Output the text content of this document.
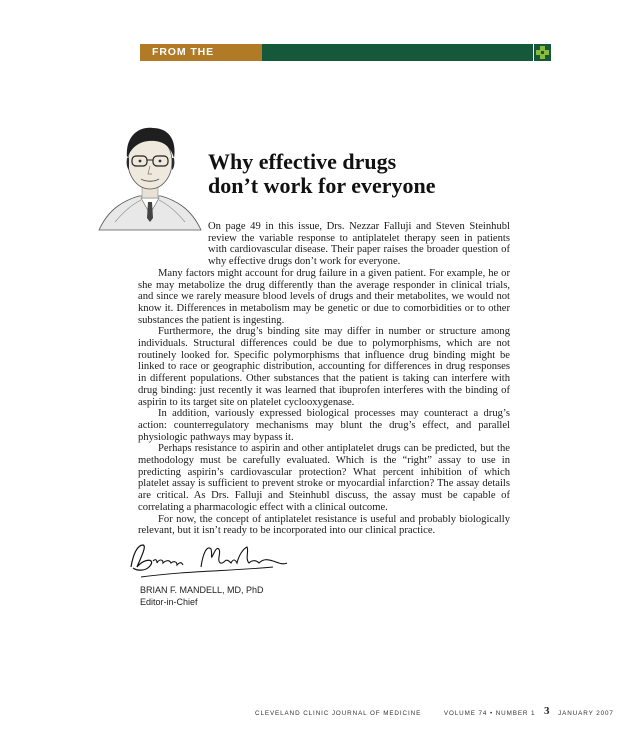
FROM THE EDITOR
Why effective drugs
don’t work for everyone

On page 49 in this issue, Drs. Nezzar Falluji and Steven Steinhubl review the variable response to antiplatelet therapy seen in patients with cardiovascular disease. Their paper raises the broader question of why effective drugs don’t work for everyone.

Many factors might account for drug failure in a given patient. For example, he or she may metabolize the drug differently than the average responder in clinical trials, and since we rarely measure blood levels of drugs and their metabolites, we would not know it. Differences in metabolism may be genetic or due to comorbidities or to other substances the patient is ingesting.

Furthermore, the drug’s binding site may differ in number or structure among individuals. Structural differences could be due to polymorphisms, which are not routinely looked for. Specific polymorphisms that influence drug binding might be linked to race or geographic distribution, accounting for differences in drug responses in different populations. Other substances that the patient is taking can interfere with drug binding: just recently it was learned that ibuprofen interferes with the binding of aspirin to its target site on platelet cyclooxygenase.

In addition, variously expressed biological processes may counteract a drug’s action: counterregulatory mechanisms may blunt the drug’s effect, and parallel physiologic pathways may bypass it.

Perhaps resistance to aspirin and other antiplatelet drugs can be predicted, but the methodology must be carefully evaluated. Which is the “right” assay to use in predicting aspirin’s cardiovascular protection? What percent inhibition of which platelet assay is sufficient to prevent stroke or myocardial infarction? The assay details are critical. As Drs. Falluji and Steinhubl discuss, the assay must be capable of correlating a pharmacologic effect with a clinical outcome.

For now, the concept of antiplatelet resistance is useful and probably biologically relevant, but it isn’t ready to be incorporated into our clinical practice.

BRIAN F. MANDELL, MD, PhD
Editor-in-Chief
CLEVELAND CLINIC JOURNAL OF MEDICINE	VOLUME 74 • NUMBER 1	JANUARY 2007
3
